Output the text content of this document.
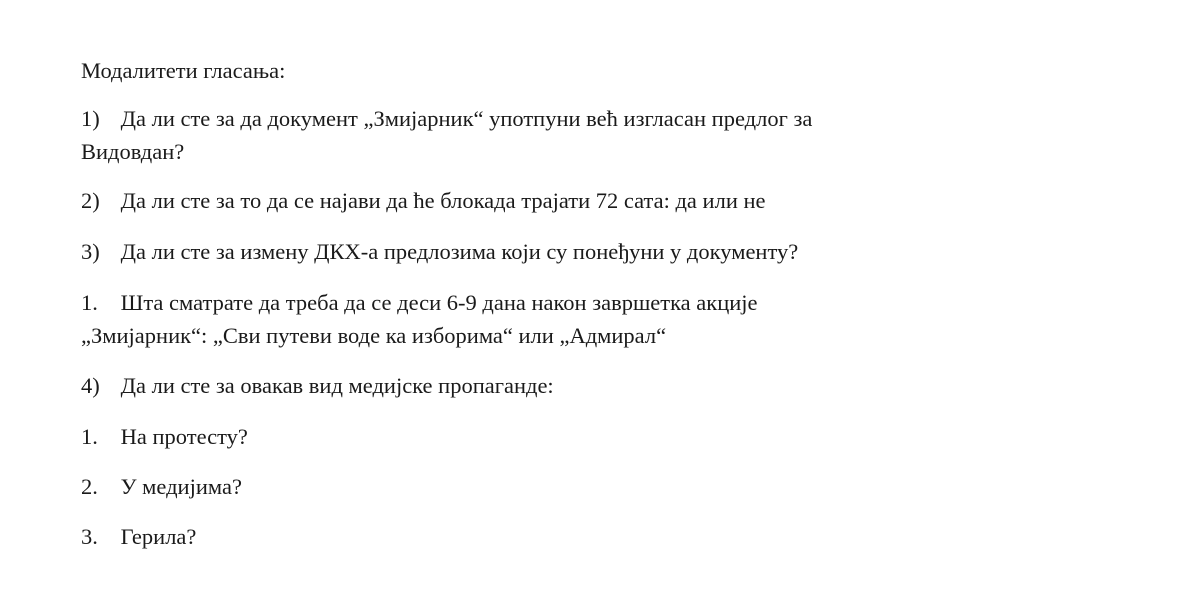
Модалитети гласања:

1) Да ли сте за да документ „Змијарник“ употпуни већ изгласан предлог за
Видовдан?

2) Да ли сте за то да се најави да ће блокада трајати 72 сата: да или не

3) Да ли сте за измену ДКХ-а предлозима који су понеђуни у документу?

1. Шта сматрате да треба да се деси 6-9 дана након завршетка акције
„Змијарник“: „Сви путеви воде ка изборима“ или „Адмирал“

4) Да ли сте за овакав вид медијске пропаганде:

1. На протесту?

2. У медијима?

3. Герила?
